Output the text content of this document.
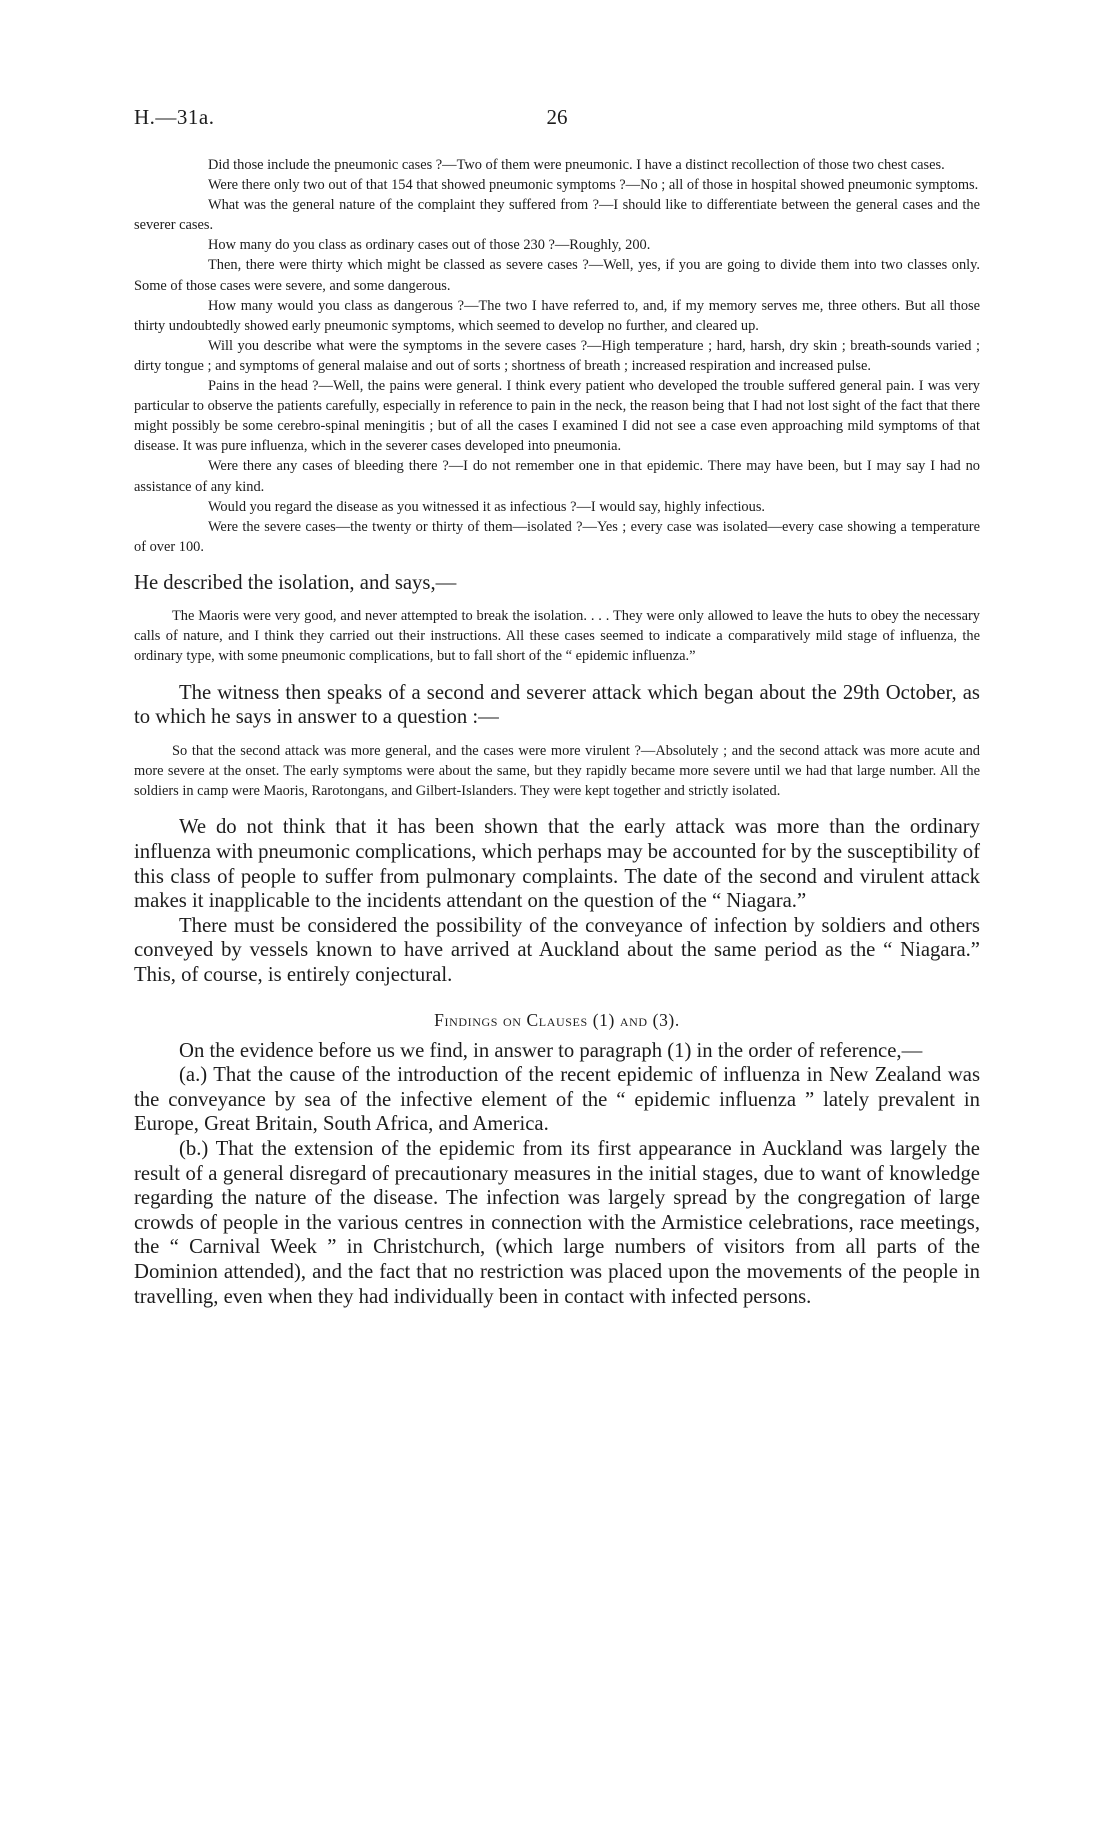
H.—31a.	26

Did those include the pneumonic cases ?—Two of them were pneumonic. I have a distinct recollection of those two chest cases.

Were there only two out of that 154 that showed pneumonic symptoms ?—No ; all of those in hospital showed pneumonic symptoms.

What was the general nature of the complaint they suffered from ?—I should like to differentiate between the general cases and the severer cases.

How many do you class as ordinary cases out of those 230 ?—Roughly, 200.

Then, there were thirty which might be classed as severe cases ?—Well, yes, if you are going to divide them into two classes only. Some of those cases were severe, and some dangerous.

How many would you class as dangerous ?—The two I have referred to, and, if my memory serves me, three others. But all those thirty undoubtedly showed early pneumonic symptoms, which seemed to develop no further, and cleared up.

Will you describe what were the symptoms in the severe cases ?—High temperature ; hard, harsh, dry skin ; breath-sounds varied ; dirty tongue ; and symptoms of general malaise and out of sorts ; shortness of breath ; increased respiration and increased pulse.

Pains in the head ?—Well, the pains were general. I think every patient who developed the trouble suffered general pain. I was very particular to observe the patients carefully, especially in reference to pain in the neck, the reason being that I had not lost sight of the fact that there might possibly be some cerebro-spinal meningitis ; but of all the cases I examined I did not see a case even approaching mild symptoms of that disease. It was pure influenza, which in the severer cases developed into pneumonia.

Were there any cases of bleeding there ?—I do not remember one in that epidemic. There may have been, but I may say I had no assistance of any kind.

Would you regard the disease as you witnessed it as infectious ?—I would say, highly infectious.

Were the severe cases—the twenty or thirty of them—isolated ?—Yes ; every case was isolated—every case showing a temperature of over 100.

He described the isolation, and says,—

The Maoris were very good, and never attempted to break the isolation. . . . They were only allowed to leave the huts to obey the necessary calls of nature, and I think they carried out their instructions. All these cases seemed to indicate a comparatively mild stage of influenza, the ordinary type, with some pneumonic complications, but to fall short of the “ epidemic influenza.”

The witness then speaks of a second and severer attack which began about the 29th October, as to which he says in answer to a question :—

So that the second attack was more general, and the cases were more virulent ?—Absolutely ; and the second attack was more acute and more severe at the onset. The early symptoms were about the same, but they rapidly became more severe until we had that large number. All the soldiers in camp were Maoris, Rarotongans, and Gilbert-Islanders. They were kept together and strictly isolated.

We do not think that it has been shown that the early attack was more than the ordinary influenza with pneumonic complications, which perhaps may be accounted for by the susceptibility of this class of people to suffer from pulmonary complaints. The date of the second and virulent attack makes it inapplicable to the incidents attendant on the question of the “ Niagara.”

There must be considered the possibility of the conveyance of infection by soldiers and others conveyed by vessels known to have arrived at Auckland about the same period as the “ Niagara.” This, of course, is entirely conjectural.

Findings on Clauses (1) and (3).

On the evidence before us we find, in answer to paragraph (1) in the order of reference,—

(a.) That the cause of the introduction of the recent epidemic of influenza in New Zealand was the conveyance by sea of the infective element of the “ epidemic influenza ” lately prevalent in Europe, Great Britain, South Africa, and America.

(b.) That the extension of the epidemic from its first appearance in Auckland was largely the result of a general disregard of precautionary measures in the initial stages, due to want of knowledge regarding the nature of the disease. The infection was largely spread by the congregation of large crowds of people in the various centres in connection with the Armistice celebrations, race meetings, the “ Carnival Week ” in Christchurch, (which large numbers of visitors from all parts of the Dominion attended), and the fact that no restriction was placed upon the movements of the people in travelling, even when they had individually been in contact with infected persons.
